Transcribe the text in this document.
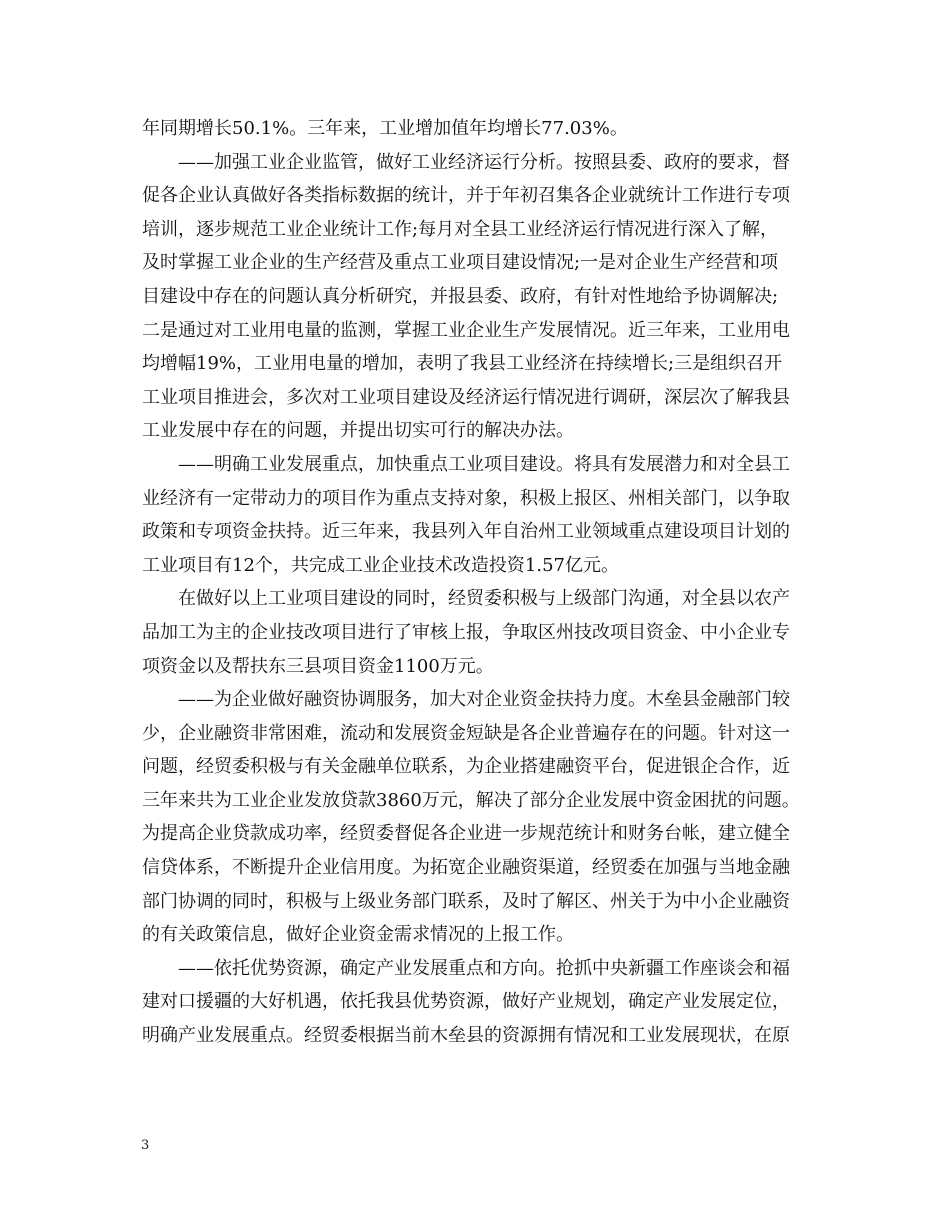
年同期增长50.1%。三年来，工业增加值年均增长77.03%。
——加强工业企业监管，做好工业经济运行分析。按照县委、政府的要求，督
促各企业认真做好各类指标数据的统计，并于年初召集各企业就统计工作进行专项
培训，逐步规范工业企业统计工作;每月对全县工业经济运行情况进行深入了解，
及时掌握工业企业的生产经营及重点工业项目建设情况;一是对企业生产经营和项
目建设中存在的问题认真分析研究，并报县委、政府，有针对性地给予协调解决;
二是通过对工业用电量的监测，掌握工业企业生产发展情况。近三年来，工业用电
均增幅19%，工业用电量的增加，表明了我县工业经济在持续增长;三是组织召开
工业项目推进会，多次对工业项目建设及经济运行情况进行调研，深层次了解我县
工业发展中存在的问题，并提出切实可行的解决办法。
——明确工业发展重点，加快重点工业项目建设。将具有发展潜力和对全县工
业经济有一定带动力的项目作为重点支持对象，积极上报区、州相关部门，以争取
政策和专项资金扶持。近三年来，我县列入年自治州工业领域重点建设项目计划的
工业项目有12个，共完成工业企业技术改造投资1.57亿元。
在做好以上工业项目建设的同时，经贸委积极与上级部门沟通，对全县以农产
品加工为主的企业技改项目进行了审核上报，争取区州技改项目资金、中小企业专
项资金以及帮扶东三县项目资金1100万元。
——为企业做好融资协调服务，加大对企业资金扶持力度。木垒县金融部门较
少，企业融资非常困难，流动和发展资金短缺是各企业普遍存在的问题。针对这一
问题，经贸委积极与有关金融单位联系，为企业搭建融资平台，促进银企合作，近
三年来共为工业企业发放贷款3860万元，解决了部分企业发展中资金困扰的问题。
为提高企业贷款成功率，经贸委督促各企业进一步规范统计和财务台帐，建立健全
信贷体系，不断提升企业信用度。为拓宽企业融资渠道，经贸委在加强与当地金融
部门协调的同时，积极与上级业务部门联系，及时了解区、州关于为中小企业融资
的有关政策信息，做好企业资金需求情况的上报工作。
——依托优势资源，确定产业发展重点和方向。抢抓中央新疆工作座谈会和福
建对口援疆的大好机遇，依托我县优势资源，做好产业规划，确定产业发展定位，
明确产业发展重点。经贸委根据当前木垒县的资源拥有情况和工业发展现状，在原
3
